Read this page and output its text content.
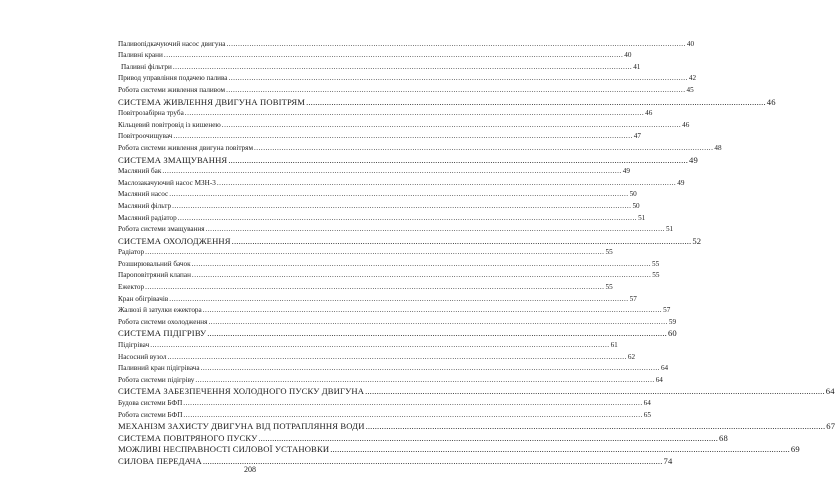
Паливопідкачуючий насос двигуна ........................................................................................................................................................................................................ 40
Паливні крани ........................................................................................................................................................................................................ 40
Паливні фільтри ........................................................................................................................................................................................................ 41
Привод управління подачею палива ........................................................................................................................................................................................................ 42
Робота системи живлення паливом ........................................................................................................................................................................................................ 45
СИСТЕМА ЖИВЛЕННЯ ДВИГУНА ПОВІТРЯМ ........................................................................................................................................................................................................ 46
Повітрозабірна труба ........................................................................................................................................................................................................ 46
Кільцевий повітровід із кишенею ........................................................................................................................................................................................................ 46
Повітроочищувач ........................................................................................................................................................................................................ 47
Робота системи живлення двигуна повітрям ........................................................................................................................................................................................................ 48
СИСТЕМА ЗМАЩУВАННЯ ........................................................................................................................................................................................................ 49
Масляний бак ........................................................................................................................................................................................................ 49
Маслозакачуючий насос МЗН-3 ........................................................................................................................................................................................................ 49
Масляний насос ........................................................................................................................................................................................................ 50
Масляний фільтр ........................................................................................................................................................................................................ 50
Масляний радіатор ........................................................................................................................................................................................................ 51
Робота системи змащування ........................................................................................................................................................................................................ 51
СИСТЕМА ОХОЛОДЖЕННЯ ........................................................................................................................................................................................................ 52
Радіатор ........................................................................................................................................................................................................ 55
Розширювальний бачок ........................................................................................................................................................................................................ 55
Пароповітряний клапан ........................................................................................................................................................................................................ 55
Ежектор ........................................................................................................................................................................................................ 55
Кран обігрівачів ........................................................................................................................................................................................................ 57
Жалюзі й затулки ежектора ........................................................................................................................................................................................................ 57
Робота системи охолодження ........................................................................................................................................................................................................ 59
СИСТЕМА ПІДІГРІВУ ........................................................................................................................................................................................................ 60
Підігрівач ........................................................................................................................................................................................................ 61
Насосний вузол ........................................................................................................................................................................................................ 62
Паливний кран підігрівача ........................................................................................................................................................................................................ 64
Робота системи підігріву ........................................................................................................................................................................................................ 64
СИСТЕМА ЗАБЕЗПЕЧЕННЯ ХОЛОДНОГО ПУСКУ ДВИГУНА ........................................................................................................................................................................................................ 64
Будова системи БФП ........................................................................................................................................................................................................ 64
Робота системи БФП ........................................................................................................................................................................................................ 65
МЕХАНІЗМ ЗАХИСТУ ДВИГУНА ВІД ПОТРАПЛЯННЯ ВОДИ ........................................................................................................................................................................................................ 67
СИСТЕМА ПОВІТРЯНОГО ПУСКУ ........................................................................................................................................................................................................ 68
МОЖЛИВІ НЕСПРАВНОСТІ СИЛОВОЇ УСТАНОВКИ ........................................................................................................................................................................................................ 69
СИЛОВА ПЕРЕДАЧА ........................................................................................................................................................................................................ 74
208
